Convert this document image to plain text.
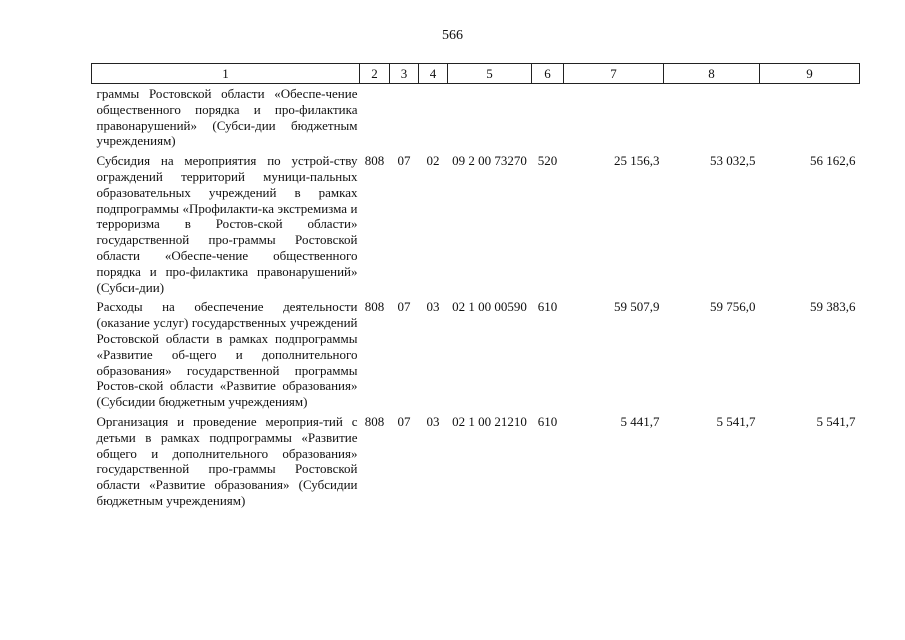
566
1	2	3	4	5	6	7	8	9
граммы Ростовской области «Обеспе-чение общественного порядка и про-филактика правонарушений» (Субси-дии бюджетным учреждениям)								
Субсидия на мероприятия по устрой-ству ограждений территорий муници-пальных образовательных учреждений в рамках подпрограммы «Профилакти-ка экстремизма и терроризма в Ростов-ской области» государственной про-граммы Ростовской области «Обеспе-чение общественного порядка и про-филактика правонарушений» (Субси-дии)	808	07	02	09 2 00 73270	520	25 156,3	53 032,5	56 162,6
Расходы на обеспечение деятельности (оказание услуг) государственных учреждений Ростовской области в рамках подпрограммы «Развитие об-щего и дополнительного образования» государственной программы Ростов-ской области «Развитие образования» (Субсидии бюджетным учреждениям)	808	07	03	02 1 00 00590	610	59 507,9	59 756,0	59 383,6
Организация и проведение мероприя-тий с детьми в рамках подпрограммы «Развитие общего и дополнительного образования» государственной про-граммы Ростовской области «Развитие образования» (Субсидии бюджетным учреждениям)	808	07	03	02 1 00 21210	610	5 441,7	5 541,7	5 541,7
